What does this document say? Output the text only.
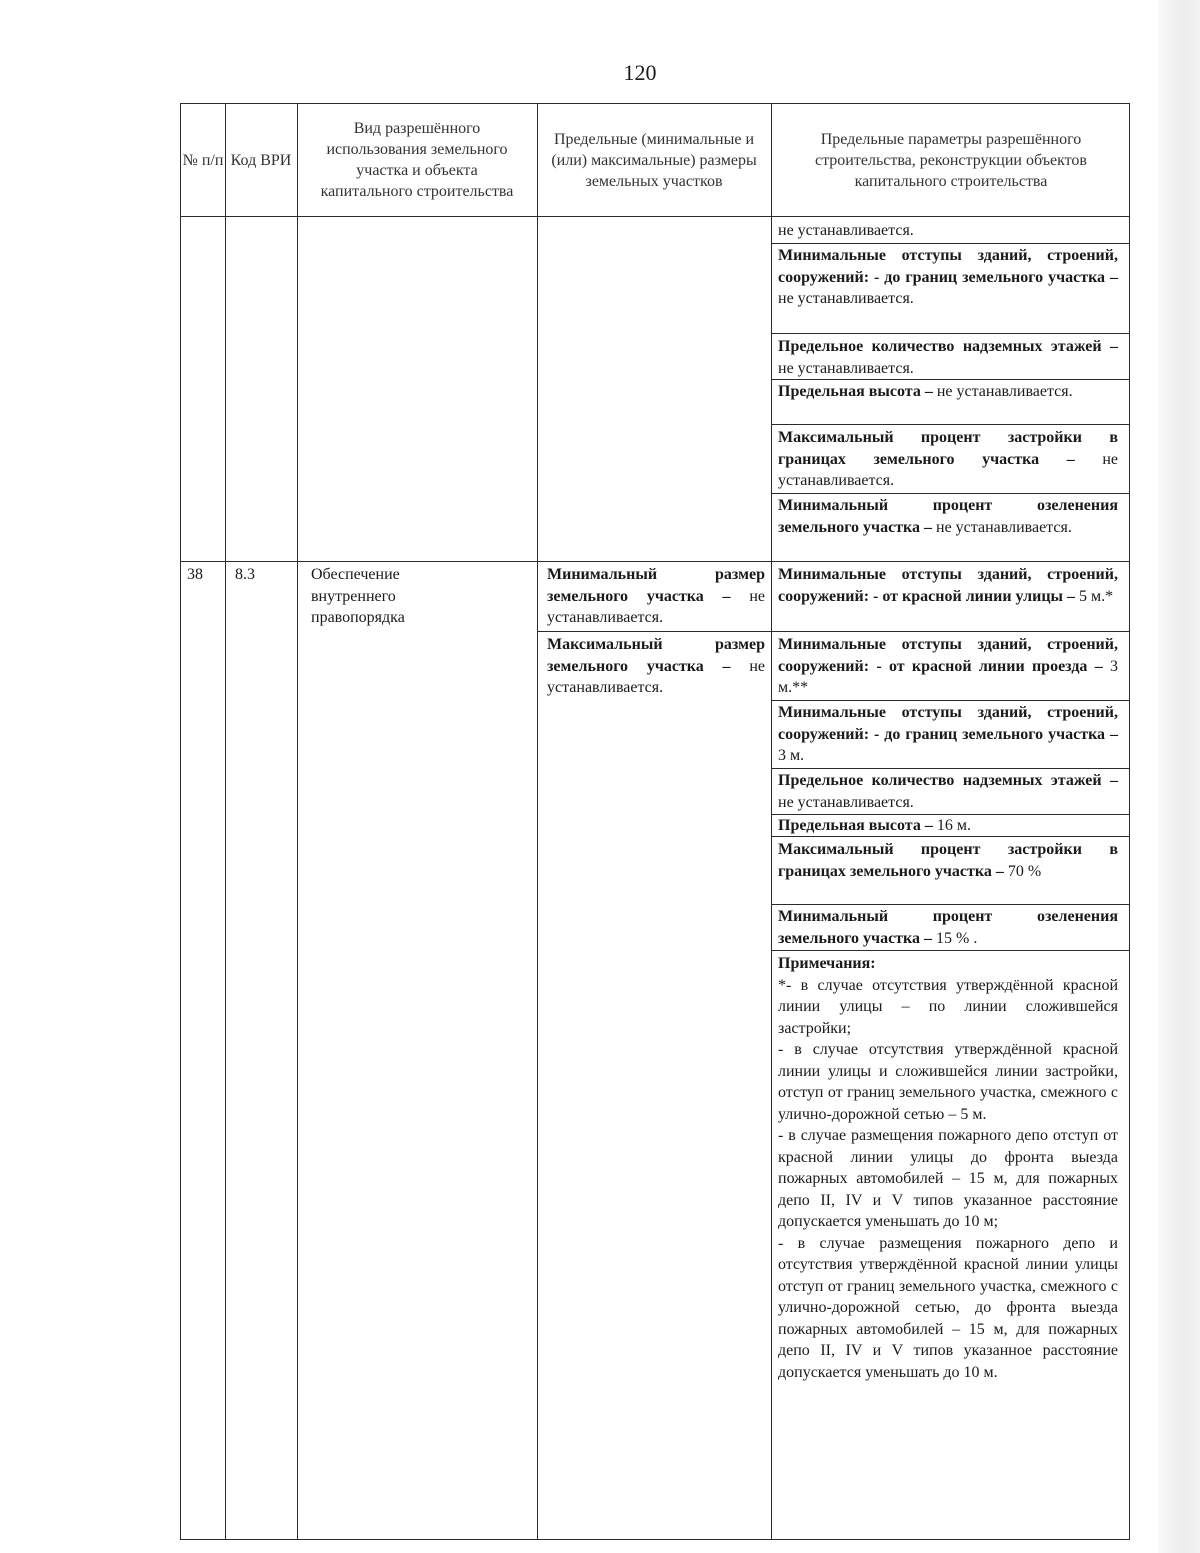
120
№ п/п Код ВРИ
Вид разрешённого использования земельного участка и объекта капитального строительства
Предельные (минимальные и (или) максимальные) размеры земельных участков
Предельные параметры разрешённого строительства, реконструкции объектов капитального строительства
не устанавливается.
Минимальные отступы зданий, строений, сооружений: - до границ земельного участка – не устанавливается.
Предельное количество надземных этажей – не устанавливается.
Предельная высота – не устанавливается.
Максимальный процент застройки в границах земельного участка – не устанавливается.
Минимальный процент озеленения земельного участка – не устанавливается.
38	8.3	Обеспечение внутреннего правопорядка
Минимальный размер земельного участка – не устанавливается.
Максимальный размер земельного участка – не устанавливается.
Минимальные отступы зданий, строений, сооружений: - от красной линии улицы – 5 м.*
Минимальные отступы зданий, строений, сооружений: - от красной линии проезда – 3 м.**
Минимальные отступы зданий, строений, сооружений: - до границ земельного участка – 3 м.
Предельное количество надземных этажей – не устанавливается.
Предельная высота – 16 м.
Максимальный процент застройки в границах земельного участка – 70 %
Минимальный процент озеленения земельного участка – 15 % .
Примечания:
*- в случае отсутствия утверждённой красной линии улицы – по линии сложившейся застройки;
- в случае отсутствия утверждённой красной линии улицы и сложившейся линии застройки, отступ от границ земельного участка, смежного с улично-дорожной сетью – 5 м.
- в случае размещения пожарного депо отступ от красной линии улицы до фронта выезда пожарных автомобилей – 15 м, для пожарных депо II, IV и V типов указанное расстояние допускается уменьшать до 10 м;
- в случае размещения пожарного депо и отсутствия утверждённой красной линии улицы отступ от границ земельного участка, смежного с улично-дорожной сетью, до фронта выезда пожарных автомобилей – 15 м, для пожарных депо II, IV и V типов указанное расстояние допускается уменьшать до 10 м.
